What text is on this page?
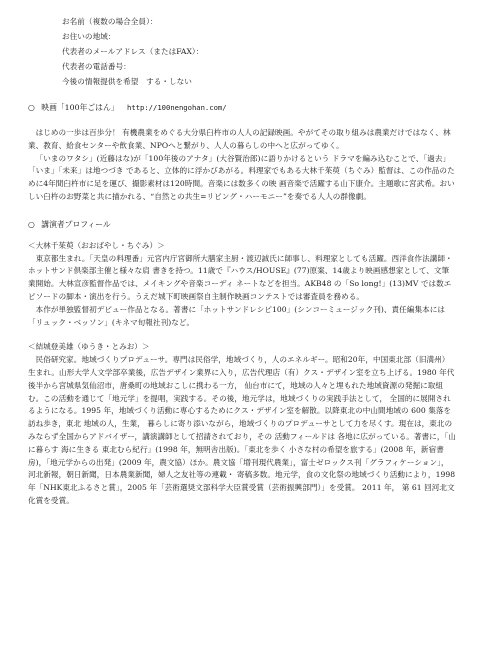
お名前（複数の場合全員）：
お住いの地域：
代表者のメールアドレス（またはFAX）：
代表者の電話番号：
今後の情報提供を希望　する・しない
○ 映画「100年ごはん」 http://100nengohan.com/

はじめの一歩は百歩分！ 有機農業をめぐる大分県臼杵市の人人の記録映画。やがてその取り組みは農業だけではなく、林業、教育、給食センターや飲食業、NPOへと繋がり、人人の暮らしの中へと広がってゆく。

「いまのワタシ」(近藤はな)が「100年後のアナタ」(大谷賢治郎)に語りかけるという ドラマを編み込むことで、「過去」「いま」「未来」は地つづき であると、立体的に浮かびあがる。料理家でもある大林千茱萸（ちぐみ）監督は、この作品のために4年間臼杵市に足を運び、撮影素材は120時間。音楽には数多くの映 画音楽で活躍する山下康介。主題歌に宮武希。おいしい臼杵のお野菜と共に描かれる、“自然との共生=リビング・ハーモニー”を奏でる人人の群像劇。

○ 講演者プロフィール

＜大林千茱萸（おおばやし・ちぐみ）＞

東京都生まれ。「天皇の料理番」元宮内庁宮御所大膳家主厨・渡辺誠氏に師事し、料理家としても活躍。西洋食作法講師・ホットサンド倶楽部主催と様々な肩 書きを持つ。11歳で『ハウス/HOUSE』(77)原案、14歳より映画感想家として、文筆業開始。大林宣彦監督作品では、メイキングや音楽コーディ ネートなどを担当。AKB48 の「So long!」(13)MV では数エピソードの脚本・演出を行う。うえだ城下町映画祭自主制作映画コンテストでは審査員を務める。

本作が単独監督初デビュー作品となる。著書に「ホットサンドレシピ100」(シンコーミュージック刊)、責任編集本には「リュック・ベッソン」(キネマ旬報社刊)など。

＜結城登美雄（ゆうき・とみお）＞

民俗研究家。地域づくりプロデューサ。専門は民俗学，地域づくり，人のエネルギー。昭和20年，中国東北部（旧満州）生まれ。山形大学人文学部卒業後，広告デザイン業界に入り，広告代理店（有）クス・デザイン室を立ち上げる。1980 年代後半から宮城県気仙沼市，唐桑町の地域おこしに携わる一方， 仙台市にて，地域の人々と埋もれた地域資源の発掘に取組む。この活動を通じて「地元学」を提唱，実践する。その後，地元学は，地域づくりの実践手法として， 全国的に展開されるようになる。1995 年，地域づくり活動に専心するためにクス・デザイン室を解散。以降東北の中山間地域の 600 集落を訪ね歩き，東北 地域の人，生業， 暮らしに寄り添いながら，地域づくりのプロデューサとして力を尽くす。現在は，東北のみならず全国からアドバイザー，講演講師として招請されており，その 活動フィールドは 各地に広がっている。著書に，「山に暮らす 海に生きる 東北むら紀行」(1998 年，無明舎出版)。「東北を歩く 小さな村の希望を旅する」(2008 年，新宿書房)，「地元学からの出発」(2009 年，農文協）ほか。農文協「増刊現代農業」，富士ゼロックス刊「グラフィケーション」，河北新報，朝日新聞，日本農業新聞，婦人之友社等の連載・ 寄稿多数。地元学，食の文化祭の地域づくり活動により，1998 年「NHK東北ふるさと賞」，2005 年「芸術選奨文部科学大臣賞受賞（芸術振興部門）」を受賞。 2011 年， 第 61 回河北文化賞を受賞。
